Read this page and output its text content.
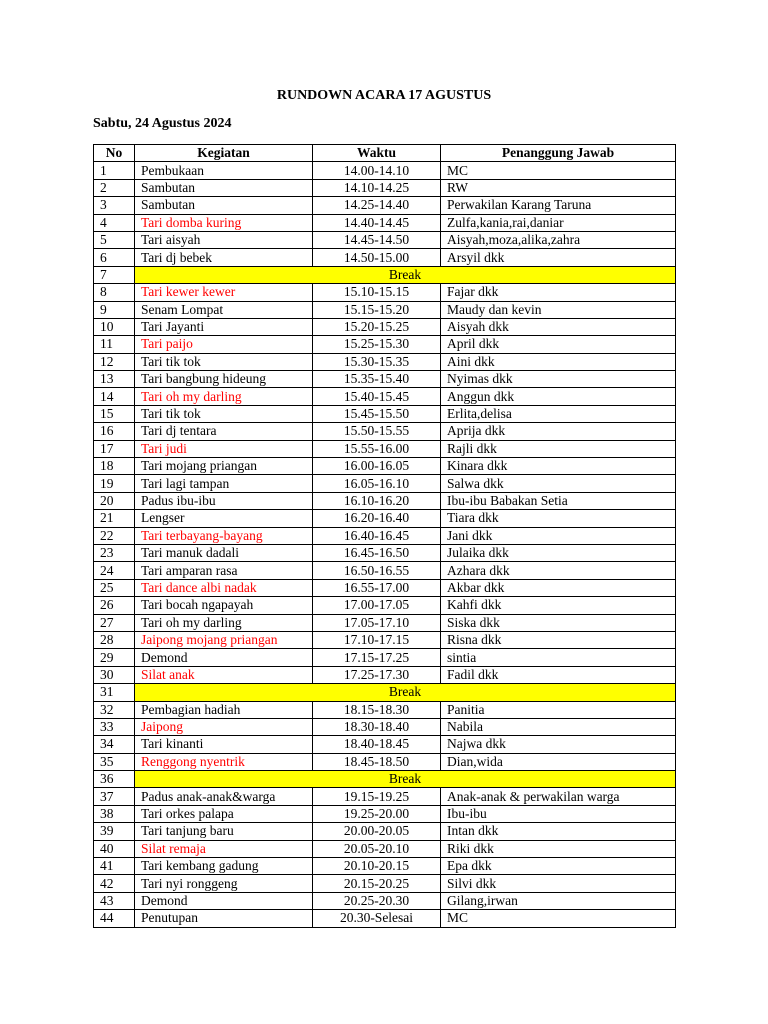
RUNDOWN ACARA 17 AGUSTUS
Sabtu, 24 Agustus 2024
No	Kegiatan	Waktu	Penanggung Jawab
1	Pembukaan	14.00-14.10	MC
2	Sambutan	14.10-14.25	RW
3	Sambutan	14.25-14.40	Perwakilan Karang Taruna
4	Tari domba kuring	14.40-14.45	Zulfa,kania,rai,daniar
5	Tari aisyah	14.45-14.50	Aisyah,moza,alika,zahra
6	Tari dj bebek	14.50-15.00	Arsyil dkk
7	Break		
8	Tari kewer kewer	15.10-15.15	Fajar dkk
9	Senam Lompat	15.15-15.20	Maudy dan kevin
10	Tari Jayanti	15.20-15.25	Aisyah dkk
11	Tari paijo	15.25-15.30	April dkk
12	Tari tik tok	15.30-15.35	Aini dkk
13	Tari bangbung hideung	15.35-15.40	Nyimas dkk
14	Tari oh my darling	15.40-15.45	Anggun dkk
15	Tari tik tok	15.45-15.50	Erlita,delisa
16	Tari dj tentara	15.50-15.55	Aprija dkk
17	Tari judi	15.55-16.00	Rajli dkk
18	Tari mojang priangan	16.00-16.05	Kinara dkk
19	Tari lagi tampan	16.05-16.10	Salwa dkk
20	Padus ibu-ibu	16.10-16.20	Ibu-ibu Babakan Setia
21	Lengser	16.20-16.40	Tiara dkk
22	Tari terbayang-bayang	16.40-16.45	Jani dkk
23	Tari manuk dadali	16.45-16.50	Julaika dkk
24	Tari amparan rasa	16.50-16.55	Azhara dkk
25	Tari dance albi nadak	16.55-17.00	Akbar dkk
26	Tari bocah ngapayah	17.00-17.05	Kahfi dkk
27	Tari oh my darling	17.05-17.10	Siska dkk
28	Jaipong mojang priangan	17.10-17.15	Risna dkk
29	Demond	17.15-17.25	sintia
30	Silat anak	17.25-17.30	Fadil dkk
31	Break		
32	Pembagian hadiah	18.15-18.30	Panitia
33	Jaipong	18.30-18.40	Nabila
34	Tari kinanti	18.40-18.45	Najwa dkk
35	Renggong nyentrik	18.45-18.50	Dian,wida
36	Break		
37	Padus anak-anak&warga	19.15-19.25	Anak-anak & perwakilan warga
38	Tari orkes palapa	19.25-20.00	Ibu-ibu
39	Tari tanjung baru	20.00-20.05	Intan dkk
40	Silat remaja	20.05-20.10	Riki dkk
41	Tari kembang gadung	20.10-20.15	Epa dkk
42	Tari nyi ronggeng	20.15-20.25	Silvi dkk
43	Demond	20.25-20.30	Gilang,irwan
44	Penutupan	20.30-Selesai	MC
